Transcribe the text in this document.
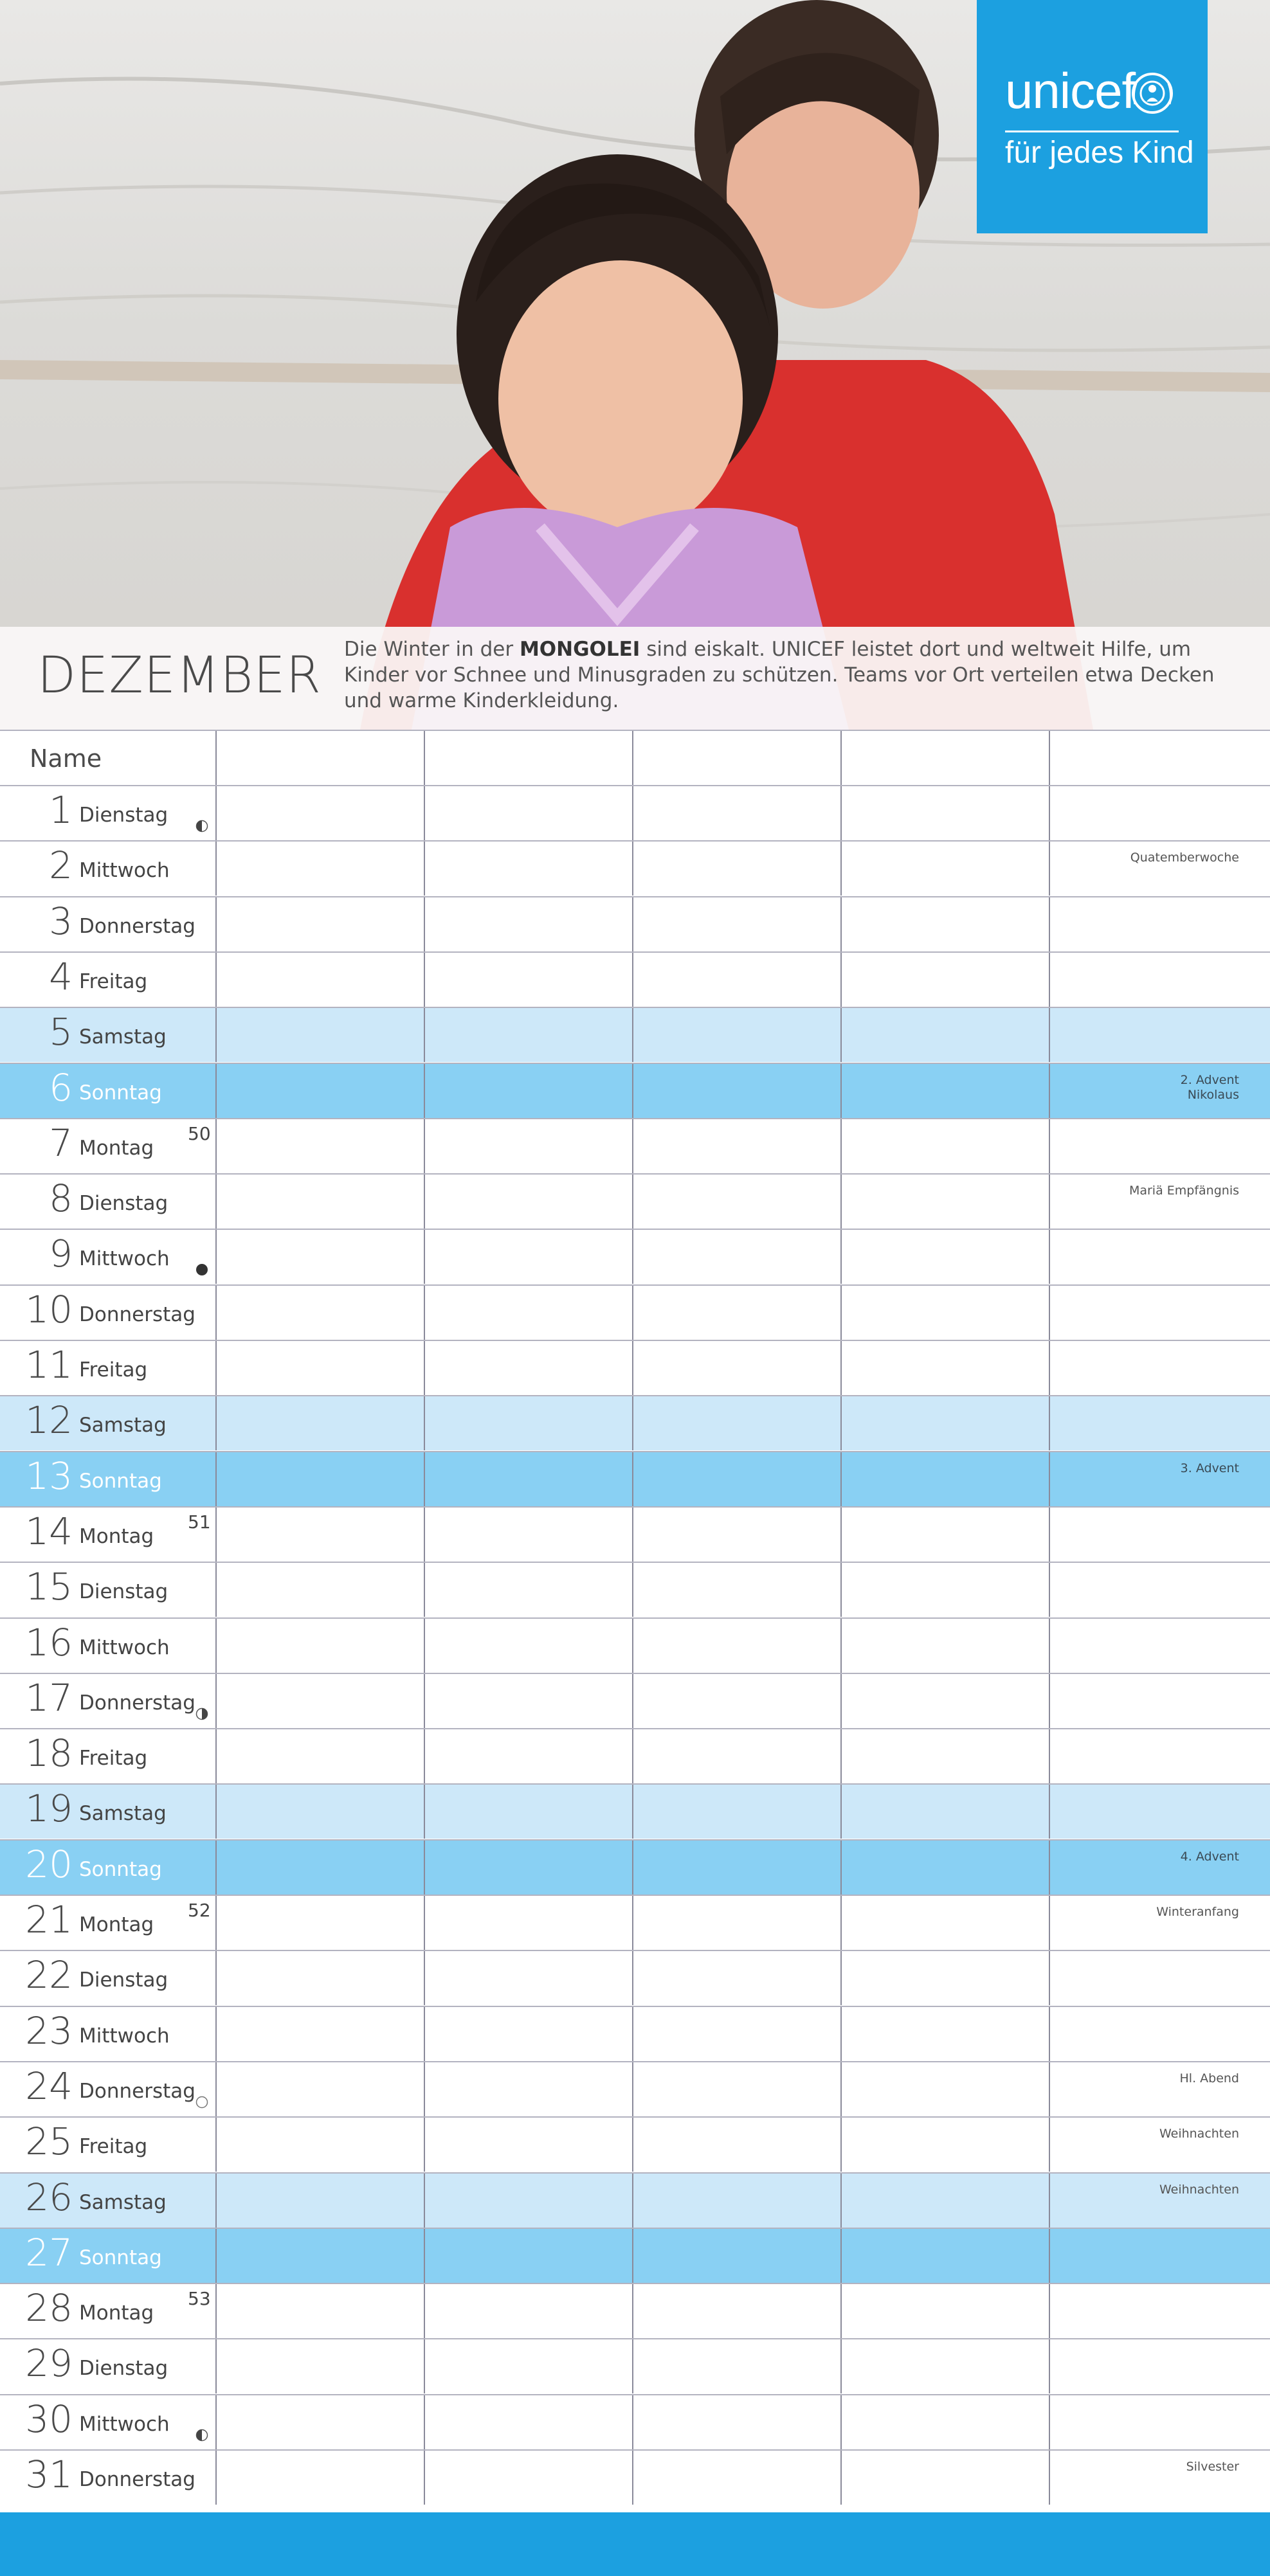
unicef
für jedes Kind
DEZEMBER Die Winter in der MONGOLEI sind eiskalt. UNICEF leistet dort und weltweit Hilfe, um Kinder vor Schnee und Minusgraden zu schützen. Teams vor Ort verteilen etwa Decken und warme Kinderkleidung.
Name
1 Dienstag
2 Mittwoch
Quatemberwoche
3 Donnerstag
4 Freitag
5 Samstag
6 Sonntag
2. Advent
Nikolaus
7 Montag
50
8 Dienstag
Mariä Empfängnis
9 Mittwoch
10 Donnerstag
11 Freitag
12 Samstag
13 Sonntag
3. Advent
14 Montag
51
15 Dienstag
16 Mittwoch
17 Donnerstag
18 Freitag
19 Samstag
20 Sonntag
4. Advent
21 Montag
52	Winteranfang
22 Dienstag
23 Mittwoch
24 Donnerstag
Hl. Abend
25 Freitag
Weihnachten
26 Samstag
Weihnachten
27 Sonntag
28 Montag
53
29 Dienstag
30 Mittwoch
31 Donnerstag
Silvester
